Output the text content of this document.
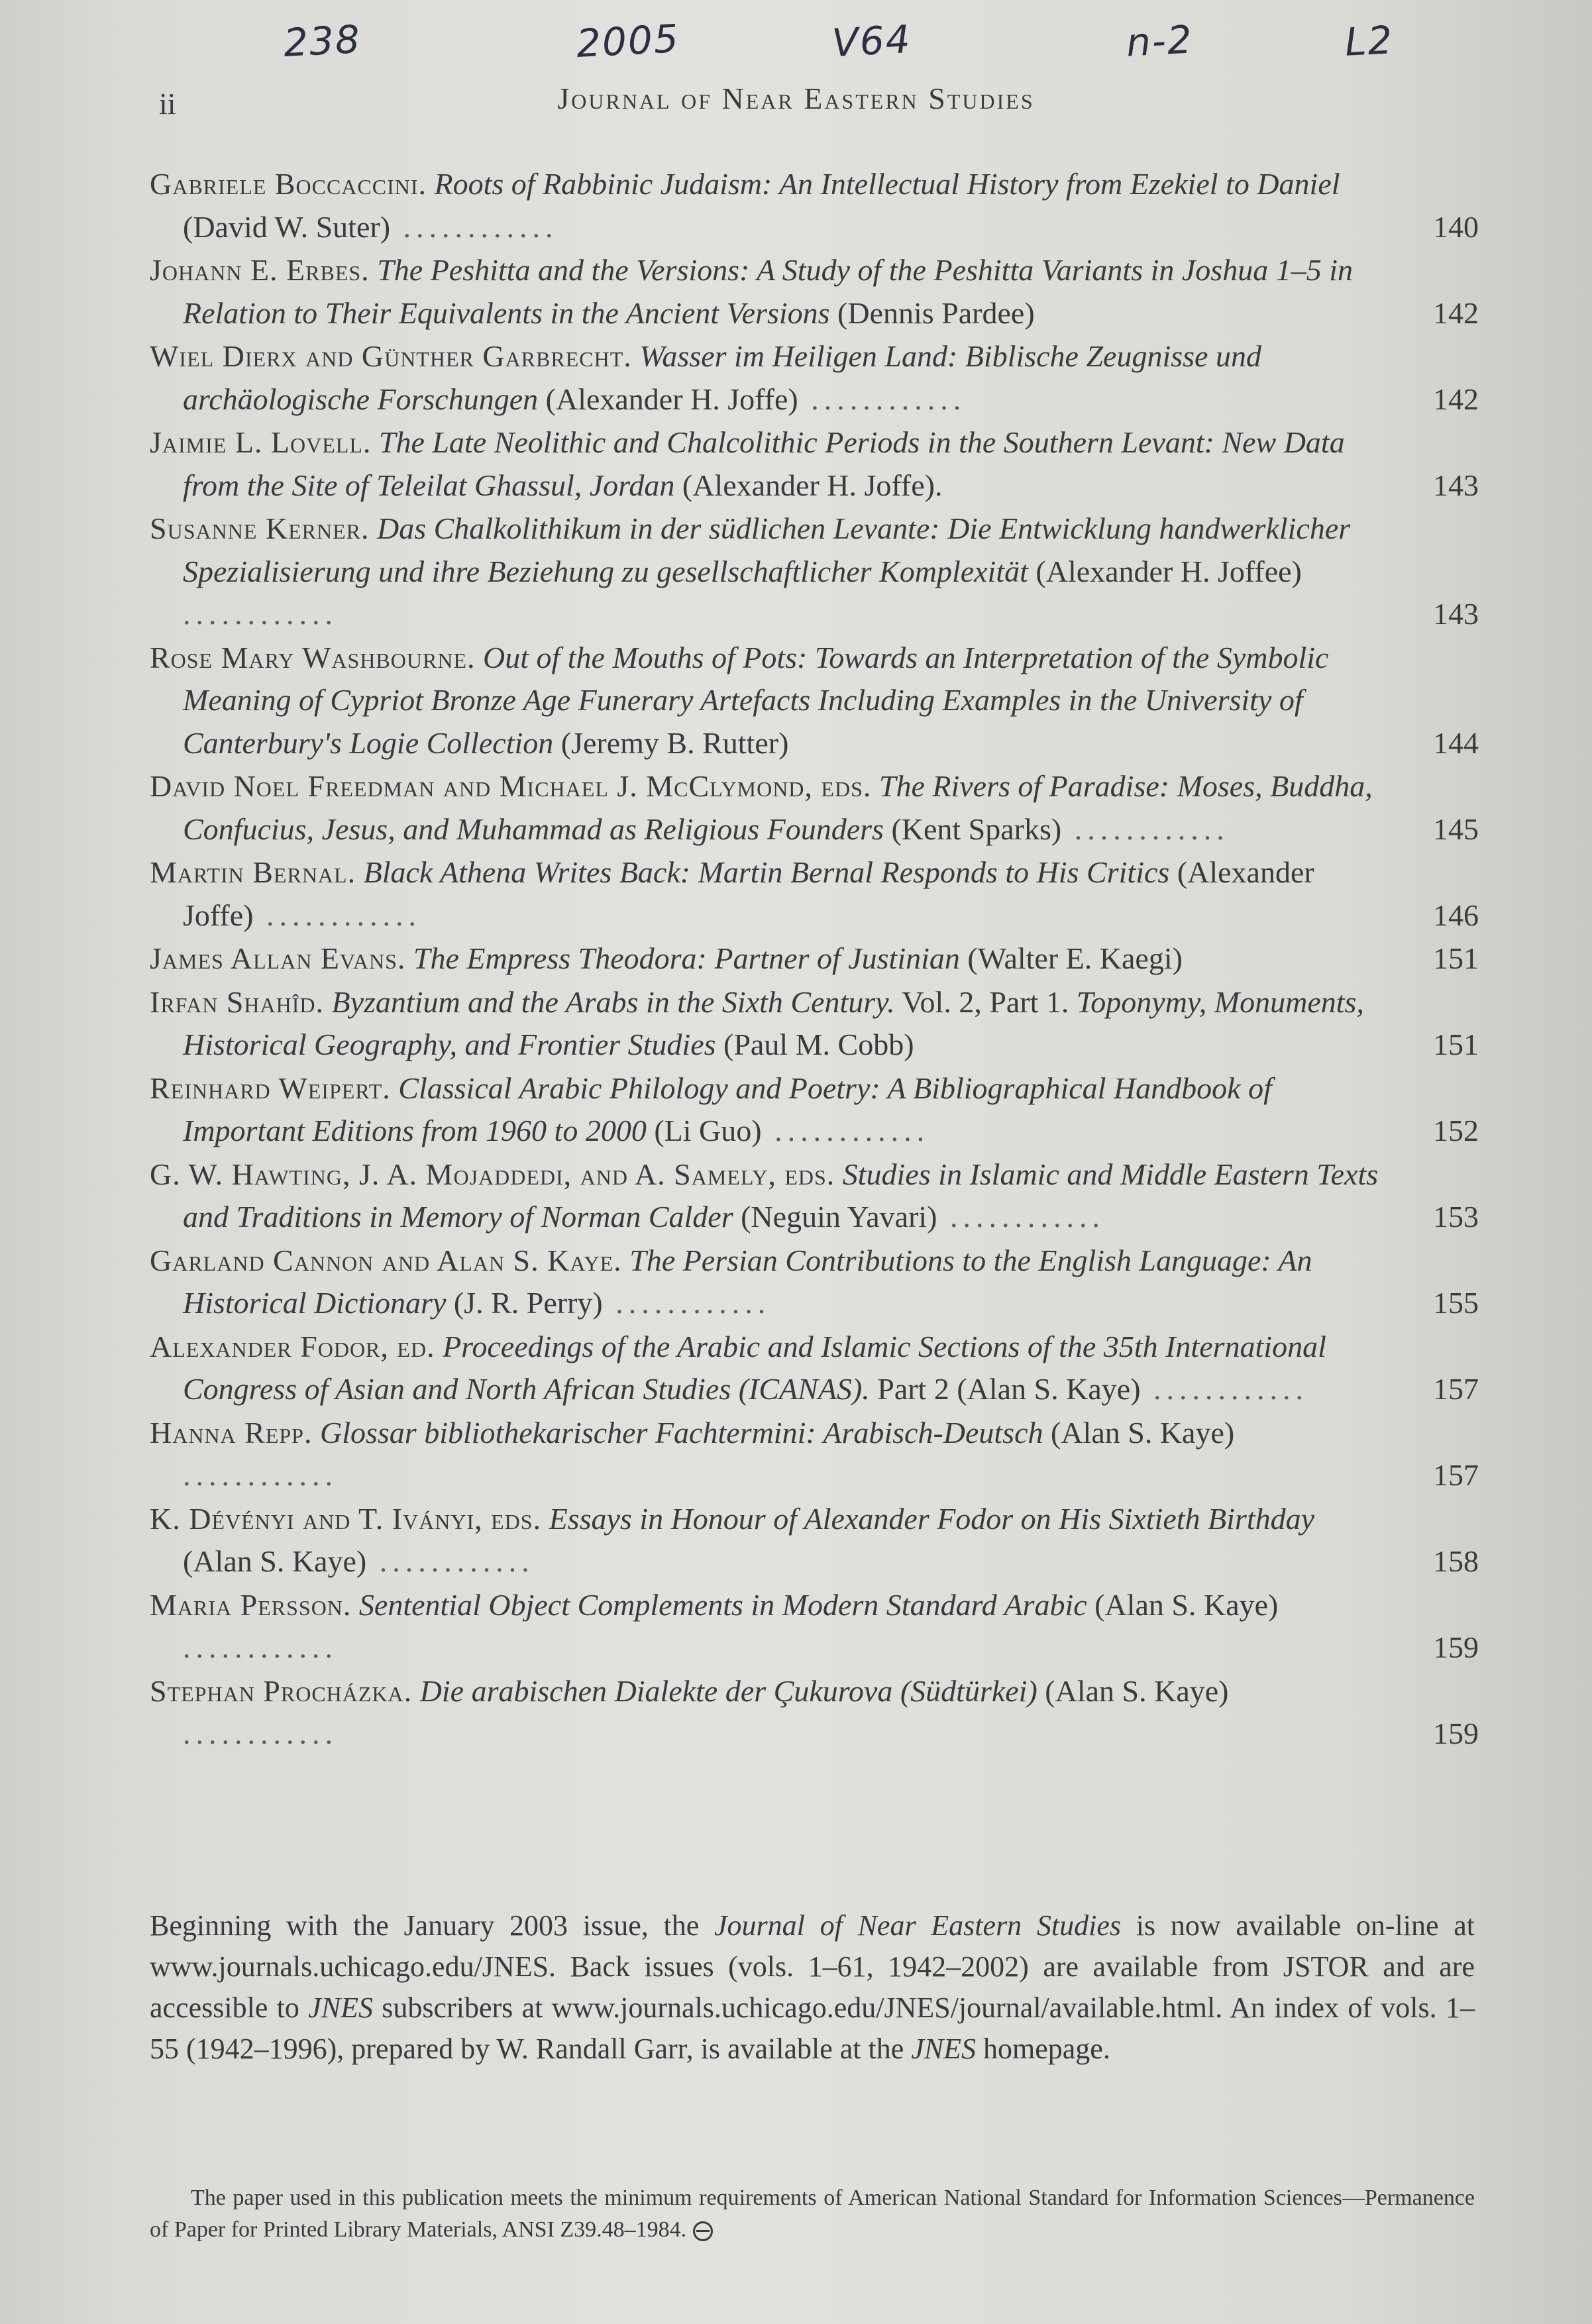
238	2005	V64	n-2	L2
ii	Journal of Near Eastern Studies
Gabriele Boccaccini. Roots of Rabbinic Judaism: An Intellectual History from Ezekiel to Daniel (David W. Suter) ............	140
Johann E. Erbes. The Peshitta and the Versions: A Study of the Peshitta Variants in Joshua 1–5 in Relation to Their Equivalents in the Ancient Versions (Dennis Pardee)	142
Wiel Dierx and Günther Garbrecht. Wasser im Heiligen Land: Biblische Zeugnisse und archäologische Forschungen (Alexander H. Joffe) ............	142
Jaimie L. Lovell. The Late Neolithic and Chalcolithic Periods in the Southern Levant: New Data from the Site of Teleilat Ghassul, Jordan (Alexander H. Joffe).	143
Susanne Kerner. Das Chalkolithikum in der südlichen Levante: Die Entwicklung handwerklicher Spezialisierung und ihre Beziehung zu gesellschaftlicher Komplexität (Alexander H. Joffee) ............	143
Rose Mary Washbourne. Out of the Mouths of Pots: Towards an Interpretation of the Symbolic Meaning of Cypriot Bronze Age Funerary Artefacts Including Examples in the University of Canterbury's Logie Collection (Jeremy B. Rutter)	144
David Noel Freedman and Michael J. McClymond, eds. The Rivers of Paradise: Moses, Buddha, Confucius, Jesus, and Muhammad as Religious Founders (Kent Sparks) ............	145
Martin Bernal. Black Athena Writes Back: Martin Bernal Responds to His Critics (Alexander Joffe) ............	146
James Allan Evans. The Empress Theodora: Partner of Justinian (Walter E. Kaegi)	151
Irfan Shahîd. Byzantium and the Arabs in the Sixth Century. Vol. 2, Part 1. Toponymy, Monuments, Historical Geography, and Frontier Studies (Paul M. Cobb)	151
Reinhard Weipert. Classical Arabic Philology and Poetry: A Bibliographical Handbook of Important Editions from 1960 to 2000 (Li Guo) ............	152
G. W. Hawting, J. A. Mojaddedi, and A. Samely, eds. Studies in Islamic and Middle Eastern Texts and Traditions in Memory of Norman Calder (Neguin Yavari) ............	153
Garland Cannon and Alan S. Kaye. The Persian Contributions to the English Language: An Historical Dictionary (J. R. Perry) ............	155
Alexander Fodor, ed. Proceedings of the Arabic and Islamic Sections of the 35th International Congress of Asian and North African Studies (ICANAS). Part 2 (Alan S. Kaye) ............	157
Hanna Repp. Glossar bibliothekarischer Fachtermini: Arabisch-Deutsch (Alan S. Kaye) ............	157
K. Dévényi and T. Iványi, eds. Essays in Honour of Alexander Fodor on His Sixtieth Birthday (Alan S. Kaye) ............	158
Maria Persson. Sentential Object Complements in Modern Standard Arabic (Alan S. Kaye) ............	159
Stephan Procházka. Die arabischen Dialekte der Çukurova (Südtürkei) (Alan S. Kaye) ............	159
Beginning with the January 2003 issue, the Journal of Near Eastern Studies is now available on-line at www.journals.uchicago.edu/JNES. Back issues (vols. 1–61, 1942–2002) are available from JSTOR and are accessible to JNES subscribers at www.journals.uchicago.edu/JNES/journal/available.html. An index of vols. 1–55 (1942–1996), prepared by W. Randall Garr, is available at the JNES homepage.
The paper used in this publication meets the minimum requirements of American National Standard for Information Sciences—Permanence of Paper for Printed Library Materials, ANSI Z39.48–1984.
